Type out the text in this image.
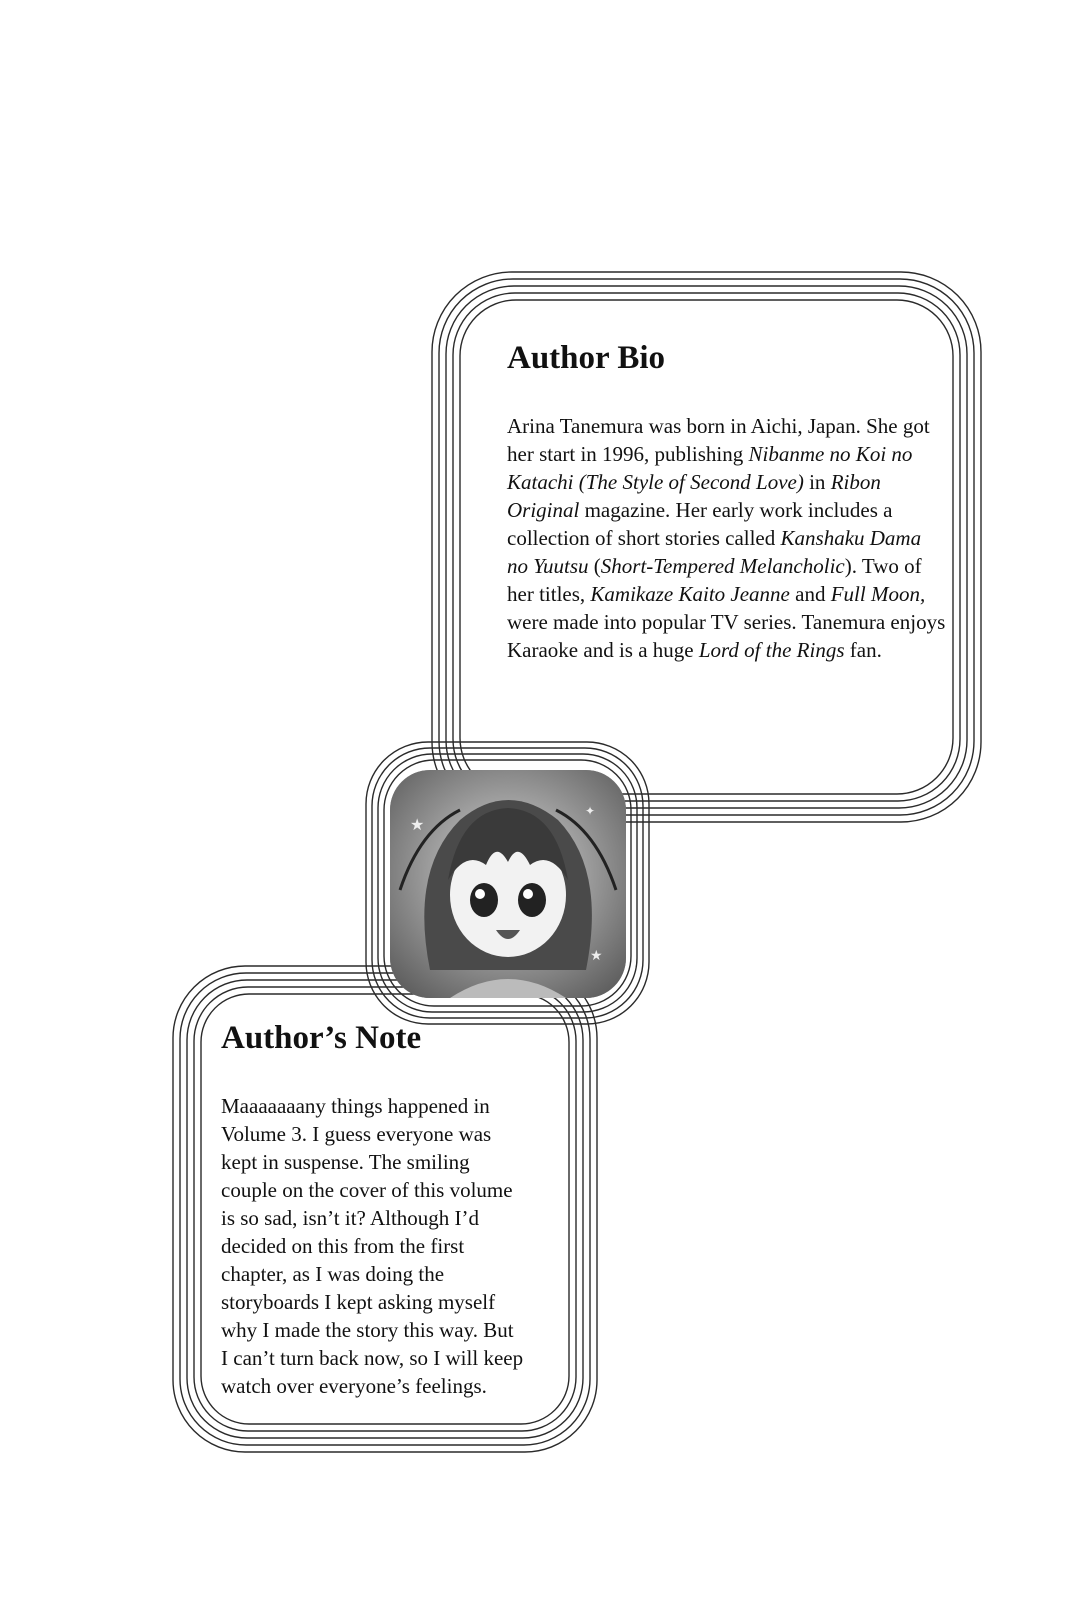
Author Bio

Arina Tanemura was born in Aichi, Japan. She got her start in 1996, publishing Nibanme no Koi no Katachi (The Style of Second Love) in Ribon Original magazine. Her early work includes a collection of short stories called Kanshaku Dama no Yuutsu (Short-Tempered Melancholic). Two of her titles, Kamikaze Kaito Jeanne and Full Moon, were made into popular TV series. Tanemura enjoys Karaoke and is a huge Lord of the Rings fan.

★
★
✦
Author’s Note

Maaaaaaany things happened in
Volume 3. I guess everyone was
kept in suspense. The smiling
couple on the cover of this volume
is so sad, isn’t it? Although I’d
decided on this from the first
chapter, as I was doing the
storyboards I kept asking myself
why I made the story this way. But
I can’t turn back now, so I will keep
watch over everyone’s feelings.
